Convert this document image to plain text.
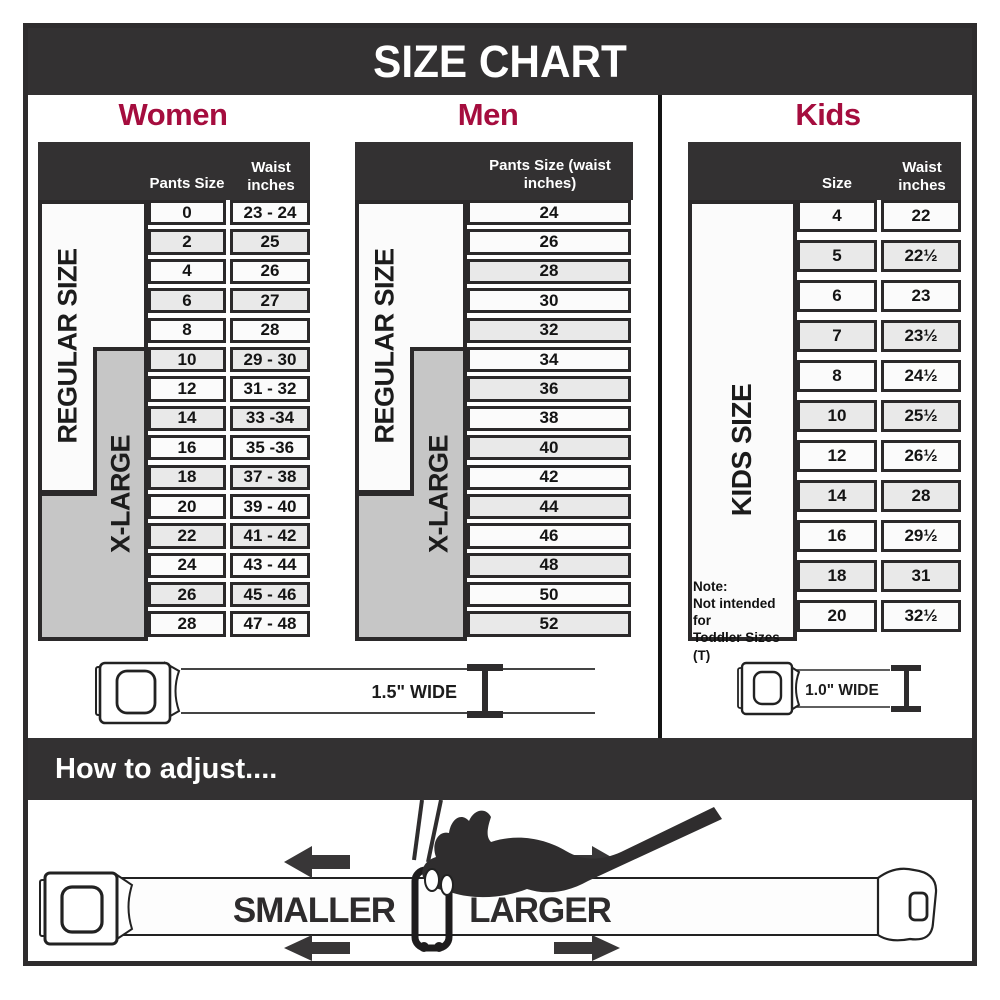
SIZE CHART
Women	Men	Kids
Pants Size
Waist inches
0	23 - 24
2	25
4	26
6	27
8	28
10	29 - 30
12	31 - 32
14	33 -34
16	35 -36
18	37 - 38
20	39 - 40
22	41 - 42
24	43 - 44
26	45 - 46
28	47 - 48
REGULAR SIZE
X-LARGE
Pants Size (waist inches)
24
26
28
30
32
34
36
38
40
42
44
46
48
50
52
REGULAR SIZE
X-LARGE
Size
Waist inches
4	22
5	22½
6	23
7	23½
8	24½
10	25½
12	26½
14	28
16	29½
18	31
20	32½
KIDS SIZE
Note:
Not intended for
Toddler Sizes (T)
1.5" WIDE	1.0" WIDE
How to adjust....
SMALLER LARGER
